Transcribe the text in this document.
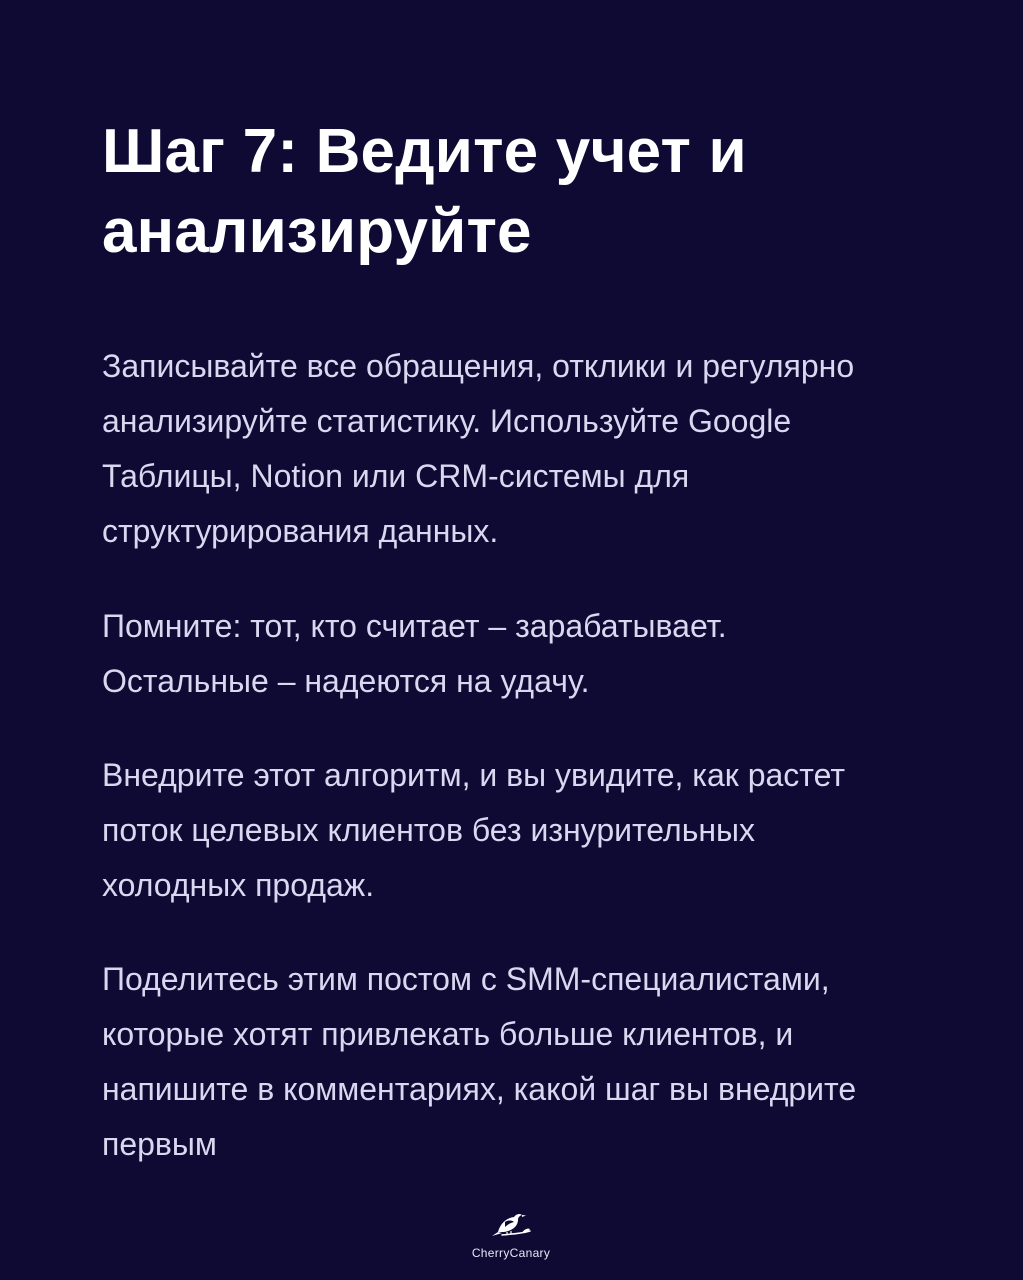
Шаг 7: Ведите учет и
анализируйте

Записывайте все обращения, отклики и регулярно
анализируйте статистику. Используйте Google
Таблицы, Notion или CRM-системы для
структурирования данных.

Помните: тот, кто считает – зарабатывает.
Остальные – надеются на удачу.

Внедрите этот алгоритм, и вы увидите, как растет
поток целевых клиентов без изнурительных
холодных продаж.

Поделитесь этим постом с SMM-специалистами,
которые хотят привлекать больше клиентов, и
напишите в комментариях, какой шаг вы внедрите
первым

CherryCanary
